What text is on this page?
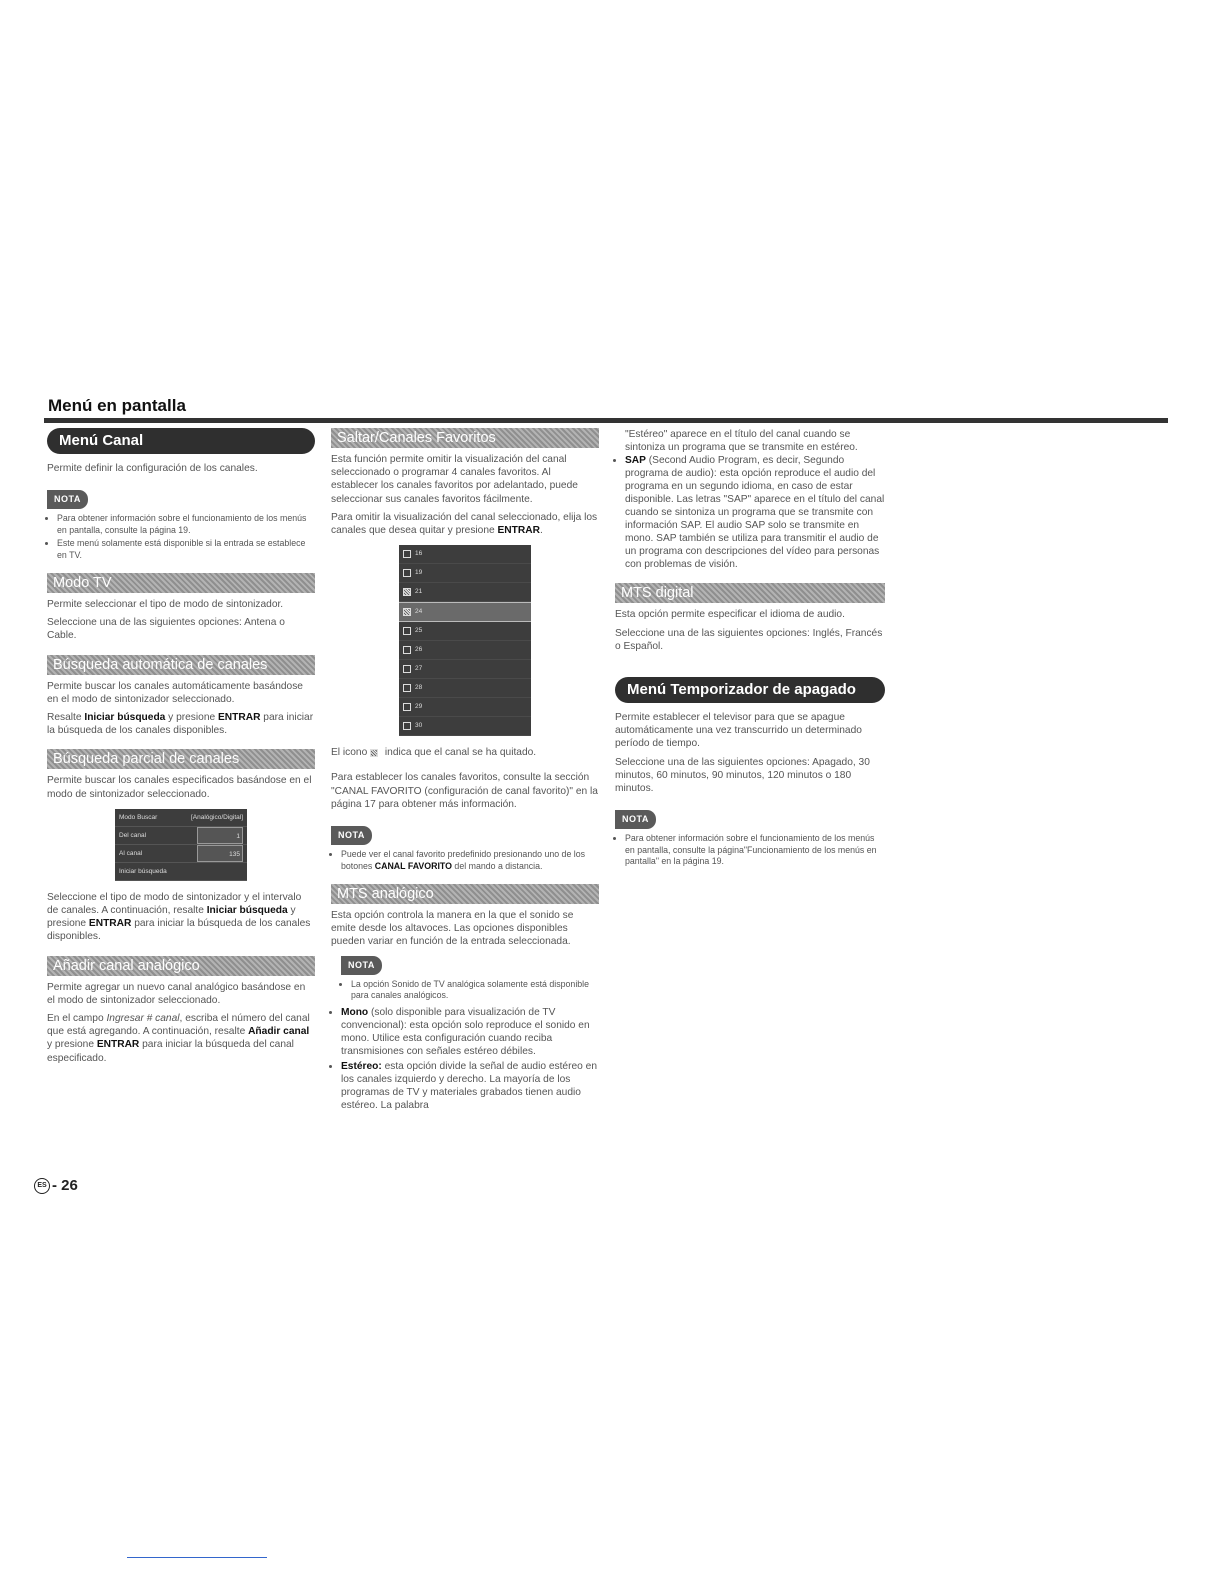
Menú en pantalla
Menú Canal

Permite definir la configuración de los canales.

NOTA
• Para obtener información sobre el funcionamiento de los menús en pantalla, consulte la página 19.
• Este menú solamente está disponible si la entrada se establece en TV.
Modo TV

Permite seleccionar el tipo de modo de sintonizador.

Seleccione una de las siguientes opciones: Antena o Cable.

Búsqueda automática de canales

Permite buscar los canales automáticamente basándose en el modo de sintonizador seleccionado.

Resalte Iniciar búsqueda y presione ENTRAR para iniciar la búsqueda de los canales disponibles.

Búsqueda parcial de canales

Permite buscar los canales especificados basándose en el modo de sintonizador seleccionado.

Modo Buscar	[Analógico/Digital]
Del canal	1
Al canal	135
Iniciar búsqueda

Seleccione el tipo de modo de sintonizador y el intervalo de canales. A continuación, resalte Iniciar búsqueda y presione ENTRAR para iniciar la búsqueda de los canales disponibles.

Añadir canal analógico

Permite agregar un nuevo canal analógico basándose en el modo de sintonizador seleccionado.

En el campo Ingresar # canal, escriba el número del canal que está agregando. A continuación, resalte Añadir canal y presione ENTRAR para iniciar la búsqueda del canal especificado.

Saltar/Canales Favoritos

Esta función permite omitir la visualización del canal seleccionado o programar 4 canales favoritos. Al establecer los canales favoritos por adelantado, puede seleccionar sus canales favoritos fácilmente.

Para omitir la visualización del canal seleccionado, elija los canales que desea quitar y presione ENTRAR.

16
19
21
24
25
26
27
28
29
30

El icono  indica que el canal se ha quitado.

Para establecer los canales favoritos, consulte la sección "CANAL FAVORITO (configuración de canal favorito)" en la página 17 para obtener más información.

NOTA
• Puede ver el canal favorito predefinido presionando uno de los botones CANAL FAVORITO del mando a distancia.
MTS analógico

Esta opción controla la manera en la que el sonido se emite desde los altavoces. Las opciones disponibles pueden variar en función de la entrada seleccionada.

NOTA
• La opción Sonido de TV analógica solamente está disponible para canales analógicos.
• Mono (solo disponible para visualización de TV convencional): esta opción solo reproduce el sonido en mono. Utilice esta configuración cuando reciba transmisiones con señales estéreo débiles.
• Estéreo: esta opción divide la señal de audio estéreo en los canales izquierdo y derecho. La mayoría de los programas de TV y materiales grabados tienen audio estéreo. La palabra

"Estéreo" aparece en el título del canal cuando se sintoniza un programa que se transmite en estéreo.

• SAP (Second Audio Program, es decir, Segundo programa de audio): esta opción reproduce el audio del programa en un segundo idioma, en caso de estar disponible. Las letras "SAP" aparece en el título del canal cuando se sintoniza un programa que se transmite con información SAP. El audio SAP solo se transmite en mono. SAP también se utiliza para transmitir el audio de un programa con descripciones del vídeo para personas con problemas de visión.
MTS digital

Esta opción permite especificar el idioma de audio.

Seleccione una de las siguientes opciones: Inglés, Francés o Español.

Menú Temporizador de apagado

Permite establecer el televisor para que se apague automáticamente una vez transcurrido un determinado período de tiempo.

Seleccione una de las siguientes opciones: Apagado, 30 minutos, 60 minutos, 90 minutos, 120 minutos o 180 minutos.

NOTA
• Para obtener información sobre el funcionamiento de los menús en pantalla, consulte la página"Funcionamiento de los menús en pantalla" en la página 19.
ES - 26
